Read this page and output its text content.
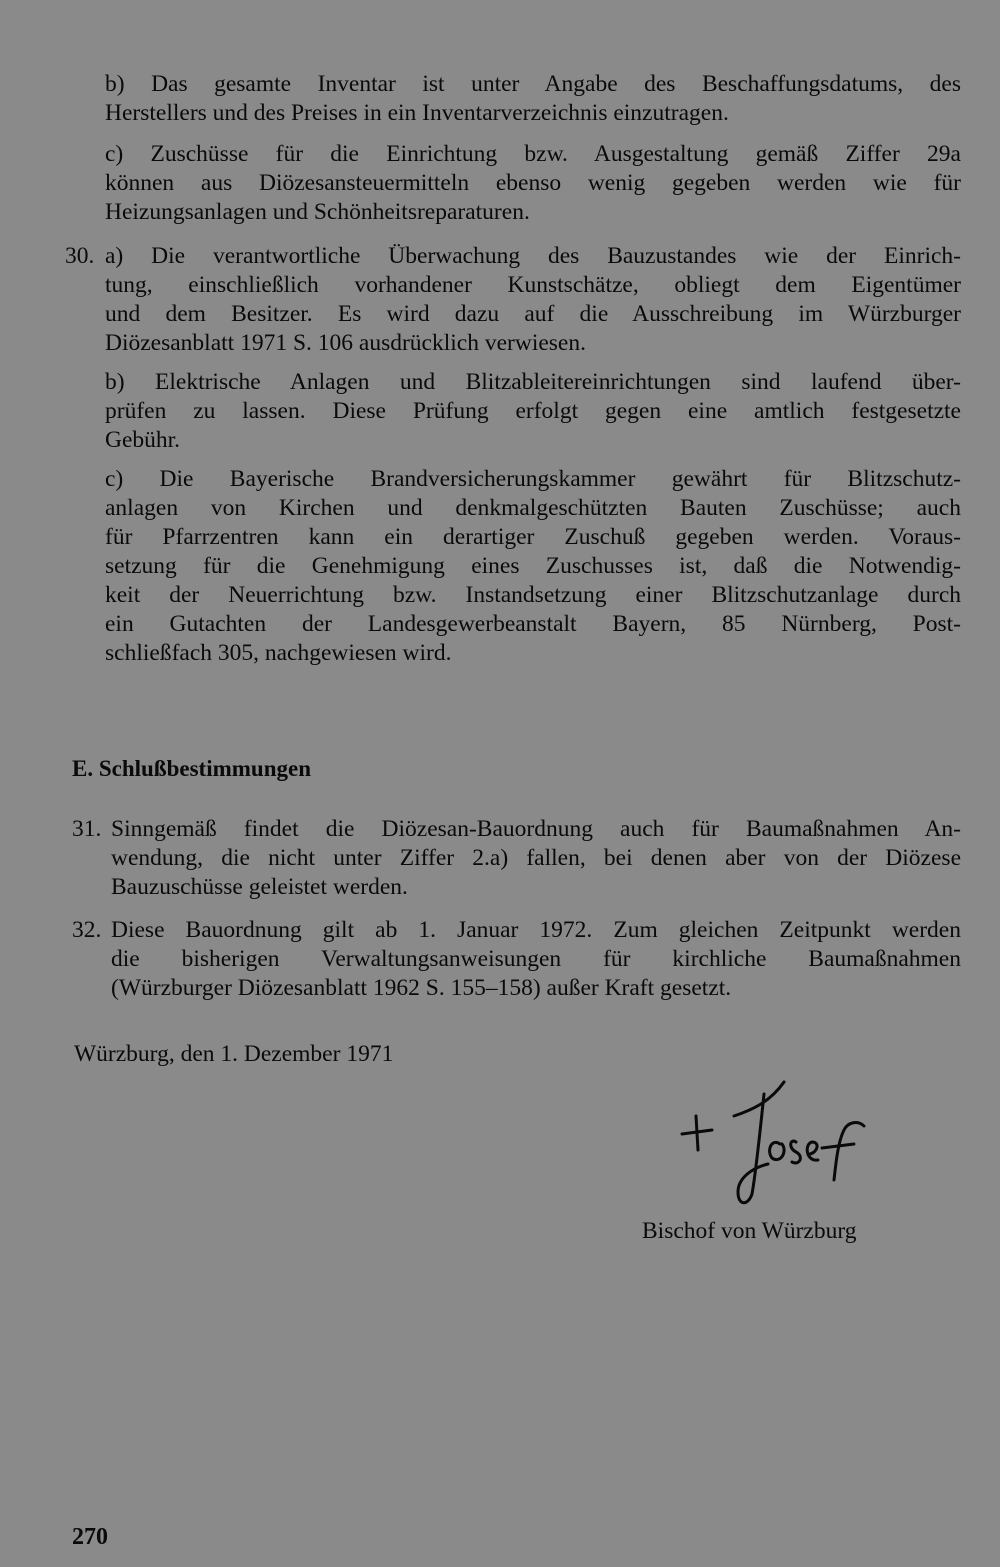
b) Das gesamte Inventar ist unter Angabe des Beschaffungsdatums, des
Herstellers und des Preises in ein Inventarverzeichnis einzutragen.
c) Zuschüsse für die Einrichtung bzw. Ausgestaltung gemäß Ziffer 29a
können aus Diözesansteuermitteln ebenso wenig gegeben werden wie für
Heizungsanlagen und Schönheitsreparaturen.
30. a) Die verantwortliche Überwachung des Bauzustandes wie der Einrich-
tung, einschließlich vorhandener Kunstschätze, obliegt dem Eigentümer
und dem Besitzer. Es wird dazu auf die Ausschreibung im Würzburger
Diözesanblatt 1971 S. 106 ausdrücklich verwiesen.
b) Elektrische Anlagen und Blitzableitereinrichtungen sind laufend über-
prüfen zu lassen. Diese Prüfung erfolgt gegen eine amtlich festgesetzte
Gebühr.
c) Die Bayerische Brandversicherungskammer gewährt für Blitzschutz-
anlagen von Kirchen und denkmalgeschützten Bauten Zuschüsse; auch
für Pfarrzentren kann ein derartiger Zuschuß gegeben werden. Voraus-
setzung für die Genehmigung eines Zuschusses ist, daß die Notwendig-
keit der Neuerrichtung bzw. Instandsetzung einer Blitzschutzanlage durch
ein Gutachten der Landesgewerbeanstalt Bayern, 85 Nürnberg, Post-
schließfach 305, nachgewiesen wird.
E. Schlußbestimmungen
31. Sinngemäß findet die Diözesan-Bauordnung auch für Baumaßnahmen An-
wendung, die nicht unter Ziffer 2.a) fallen, bei denen aber von der Diözese
Bauzuschüsse geleistet werden.
32. Diese Bauordnung gilt ab 1. Januar 1972. Zum gleichen Zeitpunkt werden
die bisherigen Verwaltungsanweisungen für kirchliche Baumaßnahmen
(Würzburger Diözesanblatt 1962 S. 155–158) außer Kraft gesetzt.
Würzburg, den 1. Dezember 1971
Bischof von Würzburg
270
